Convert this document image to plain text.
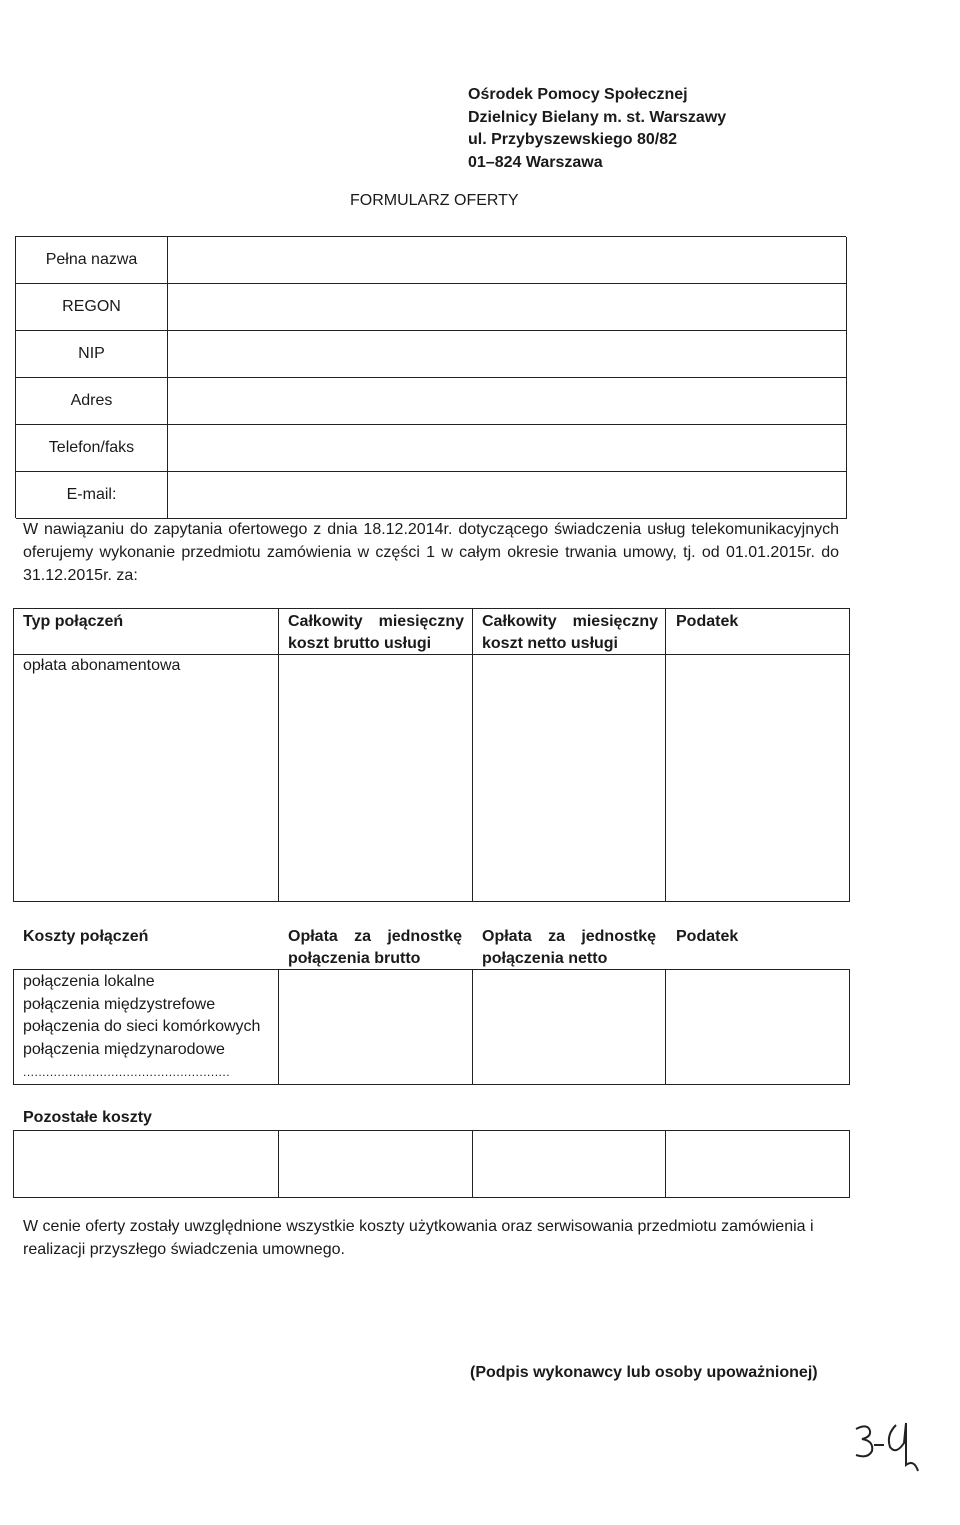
Ośrodek Pomocy Społecznej
Dzielnicy Bielany m. st. Warszawy
ul. Przybyszewskiego 80/82
01–824 Warszawa
FORMULARZ OFERTY
Pełna nazwa
REGON
NIP
Adres
Telefon/faks
E-mail:
W nawiązaniu do zapytania ofertowego z dnia 18.12.2014r. dotyczącego świadczenia usług telekomunikacyjnych oferujemy wykonanie przedmiotu zamówienia w części 1 w całym okresie trwania umowy, tj. od 01.01.2015r. do 31.12.2015r. za:
Typ połączeń	Całkowity miesięczny koszt brutto usługi
Całkowity miesięczny koszt netto usługi
Podatek
opłata abonamentowa
Koszty połączeń	Opłata za jednostkę połączenia brutto
Opłata za jednostkę połączenia netto
Podatek
połączenia lokalne
połączenia międzystrefowe
połączenia do sieci komórkowych
połączenia międzynarodowe
......................................................
Pozostałe koszty
W cenie oferty zostały uwzględnione wszystkie koszty użytkowania oraz serwisowania przedmiotu zamówienia i realizacji przyszłego świadczenia umownego.
(Podpis wykonawcy lub osoby upoważnionej)
